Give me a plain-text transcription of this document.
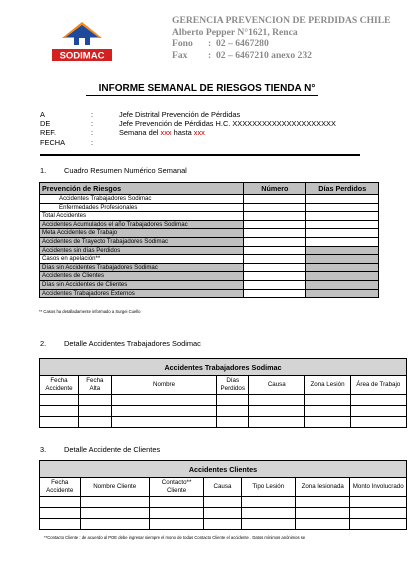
SODIMAC
GERENCIA PREVENCION DE PERDIDAS CHILE
Alberto Pepper N°1621, Renca
Fono :  02 – 6467280
Fax :  02 – 6467210 anexo 232
INFORME SEMANAL DE RIESGOS TIENDA N°
A	:	Jefe Distrital Prevención de Pérdidas
DE	:	Jefe Prevención de Pérdidas H.C. XXXXXXXXXXXXXXXXXXXXX
REF.	:	Semana del xxx hasta xxx
FECHA	:
1. Cuadro Resumen Numérico Semanal
Prevención de Riesgos	Número	Días Perdidos
Accidentes Trabajadores Sodimac		
Enfermedades Profesionales		
Total Accidentes		
Accidentes Acumulados el año Trabajadores Sodimac		
Meta Accidentes de Trabajo		
Accidentes de Trayecto Trabajadores Sodimac		
Accidentes sin días Perdidos		
Casos en apelación**		
Días sin Accidentes Trabajadores Sodimac		
Accidentes de Clientes		
Días sin Accidentes de Clientes		
Accidentes Trabajadores Externos		
** Casos ha detalladamente informado a Surgei Cuello
2. Detalle Accidentes Trabajadores Sodimac
Accidentes Trabajadores Sodimac						
Fecha Accidente	Fecha Alta	Nombre	Días Perdidos	Causa	Zona Lesión	Área de Trabajo

3. Detalle Accidente de Clientes
Accidentes Clientes						
Fecha Accidente	Nombre Cliente	Contacto** Cliente	Causa	Tipo Lesión	Zona lesionada	Monto Involucrado

**Contacto Cliente : de acuerdo al POE debe ingresar siempre el mono de todas Contacto Cliente el accidente . Datos mínimos anónimos se
